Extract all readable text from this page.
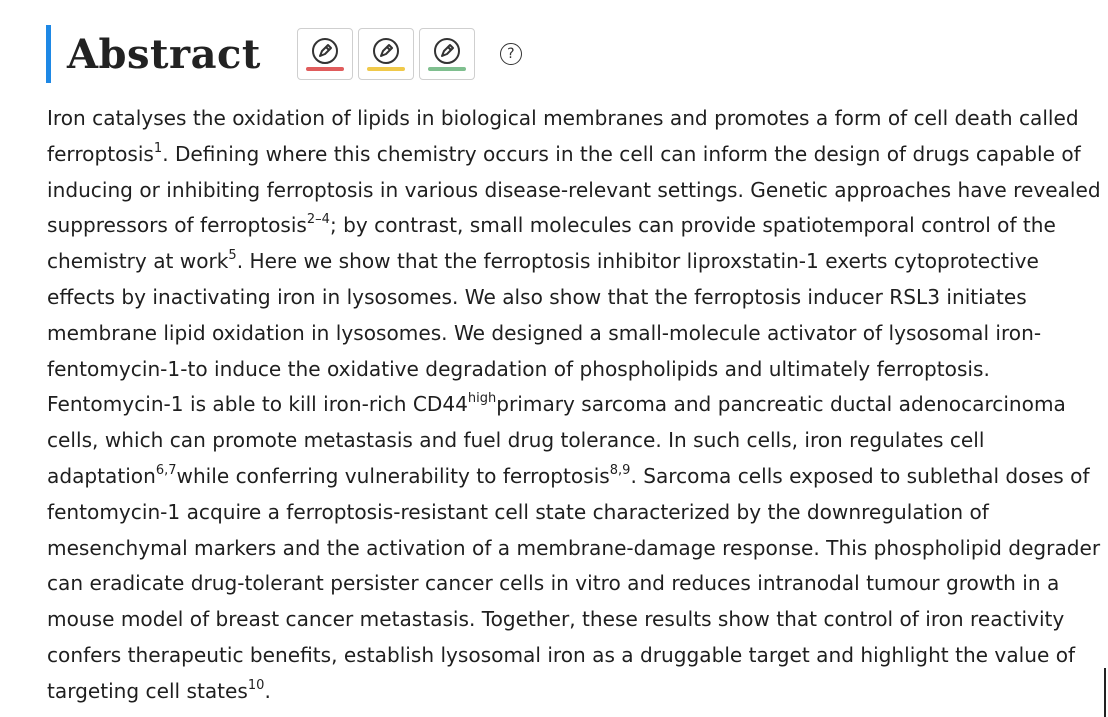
Abstract	?

Iron catalyses the oxidation of lipids in biological membranes and promotes a form of cell death called ferroptosis$^1$. Defining where this chemistry occurs in the cell can inform the design of drugs capable of inducing or inhibiting ferroptosis in various disease-relevant settings. Genetic approaches have revealed suppressors of ferroptosis$^{2-4}$; by contrast, small molecules can provide spatiotemporal control of the chemistry at work$^5$. Here we show that the ferroptosis inhibitor liproxstatin-1 exerts cytoprotective effects by inactivating iron in lysosomes. We also show that the ferroptosis inducer RSL3 initiates membrane lipid oxidation in lysosomes. We designed a small-molecule activator of lysosomal iron-fentomycin-1-to induce the oxidative degradation of phospholipids and ultimately ferroptosis. Fentomycin-1 is able to kill iron-rich $CD44^{high}primary$ sarcoma and pancreatic ductal adenocarcinoma cells, which can promote metastasis and fuel drug tolerance. In such cells, iron regulates cell adaptation$^{6,7}$while conferring vulnerability to ferroptosis$^{8,9}$. Sarcoma cells exposed to sublethal doses of fentomycin-1 acquire a ferroptosis-resistant cell state characterized by the downregulation of mesenchymal markers and the activation of a membrane-damage response. This phospholipid degrader can eradicate drug-tolerant persister cancer cells in vitro and reduces intranodal tumour growth in a mouse model of breast cancer metastasis. Together, these results show that control of iron reactivity confers therapeutic benefits, establish lysosomal iron as a druggable target and highlight the value of targeting cell states$^{10}$.
